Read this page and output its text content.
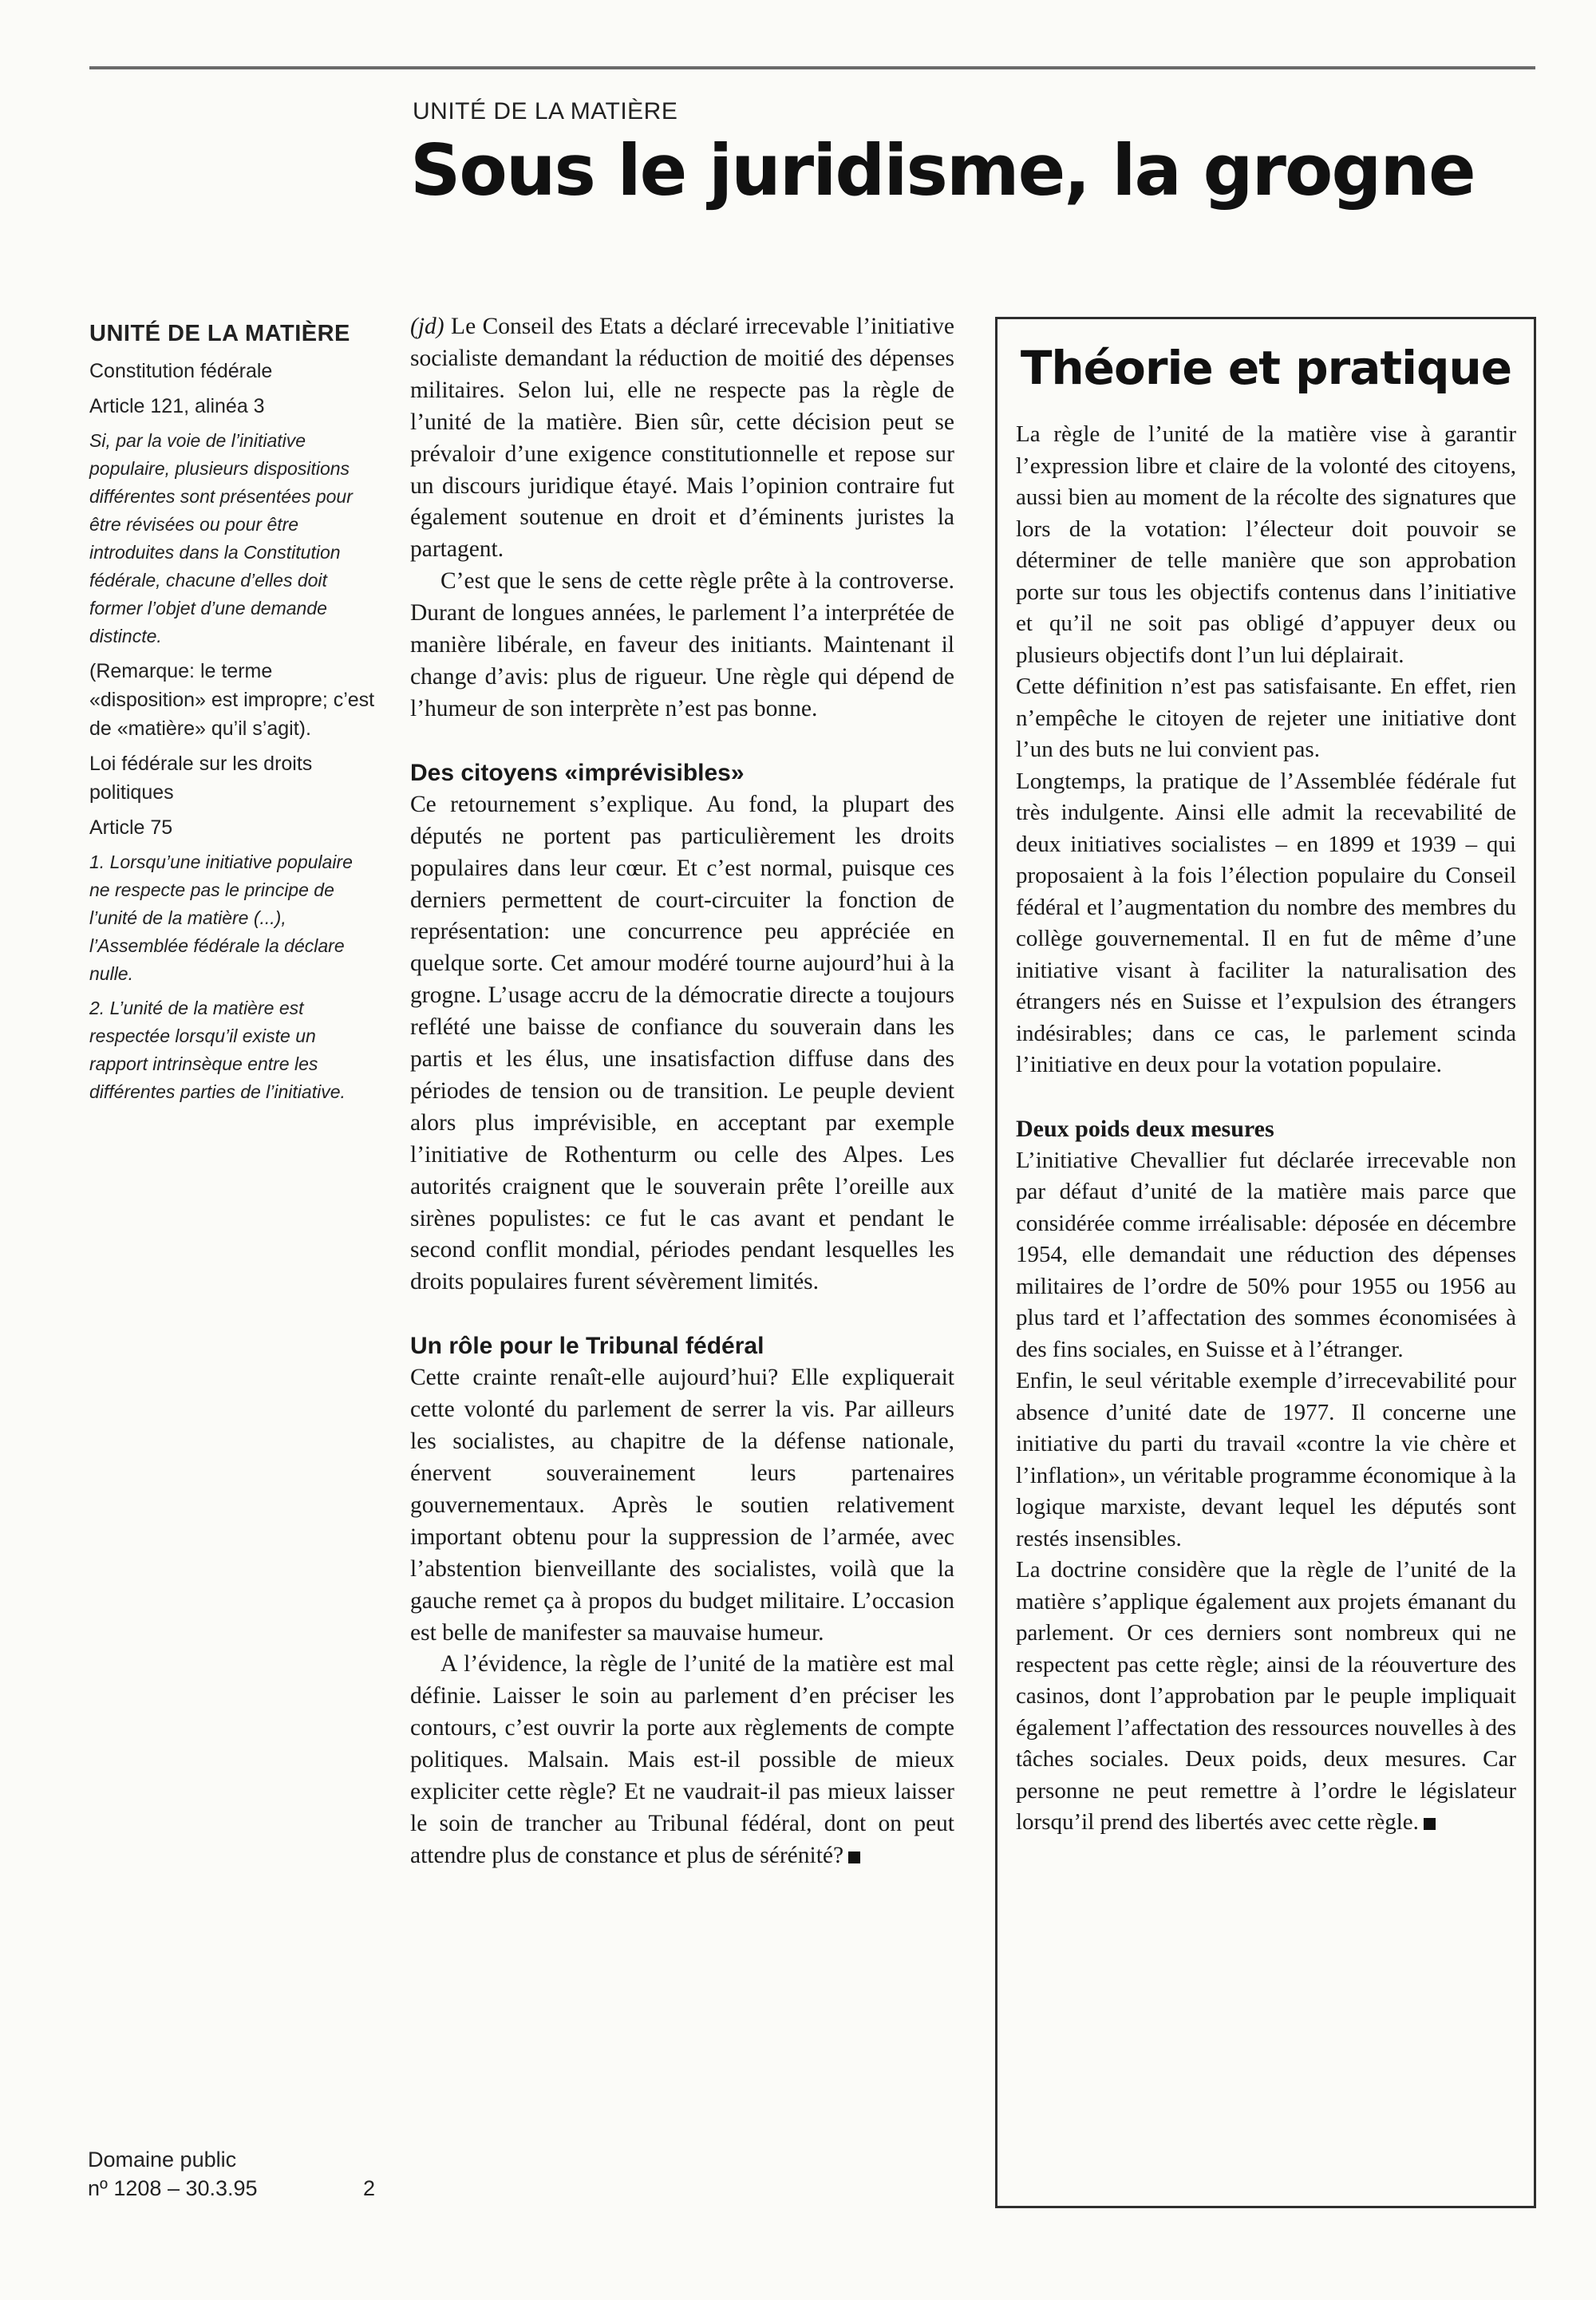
UNITÉ DE LA MATIÈRE
Sous le juridisme, la grogne
UNITÉ DE LA MATIÈRE
Constitution fédérale
Article 121, alinéa 3
Si, par la voie de l’initiative populaire, plusieurs dispositions différentes sont présentées pour être révisées ou pour être introduites dans la Constitution fédérale, chacune d’elles doit former l’objet d’une demande distincte.
(Remarque: le terme «disposition» est impropre; c’est de «matière» qu’il s’agit).
Loi fédérale sur les droits politiques
Article 75
1. Lorsqu’une initiative populaire ne respecte pas le principe de l’unité de la matière (...), l’Assemblée fédérale la déclare nulle.
2. L’unité de la matière est respectée lorsqu’il existe un rapport intrinsèque entre les différentes parties de l’initiative.
Domaine public
nº 1208 – 30.3.95	2

(jd) Le Conseil des Etats a déclaré irrecevable l’initiative socialiste demandant la réduction de moitié des dépenses militaires. Selon lui, elle ne respecte pas la règle de l’unité de la matière. Bien sûr, cette décision peut se prévaloir d’une exigence constitutionnelle et repose sur un discours juridique étayé. Mais l’opinion contraire fut également soutenue en droit et d’éminents juristes la partagent.

C’est que le sens de cette règle prête à la controverse. Durant de longues années, le parlement l’a interprétée de manière libérale, en faveur des initiants. Maintenant il change d’avis: plus de rigueur. Une règle qui dépend de l’humeur de son interprète n’est pas bonne.

Des citoyens «imprévisibles»

Ce retournement s’explique. Au fond, la plupart des députés ne portent pas particulièrement les droits populaires dans leur cœur. Et c’est normal, puisque ces derniers permettent de court-circuiter la fonction de représentation: une concurrence peu appréciée en quelque sorte. Cet amour modéré tourne aujourd’hui à la grogne. L’usage accru de la démocratie directe a toujours reflété une baisse de confiance du souverain dans les partis et les élus, une insatisfaction diffuse dans des périodes de tension ou de transition. Le peuple devient alors plus imprévisible, en acceptant par exemple l’initiative de Rothenturm ou celle des Alpes. Les autorités craignent que le souverain prête l’oreille aux sirènes populistes: ce fut le cas avant et pendant le second conflit mondial, périodes pendant lesquelles les droits populaires furent sévèrement limités.

Un rôle pour le Tribunal fédéral

Cette crainte renaît-elle aujourd’hui? Elle expliquerait cette volonté du parlement de serrer la vis. Par ailleurs les socialistes, au chapitre de la défense nationale, énervent souverainement leurs partenaires gouvernementaux. Après le soutien relativement important obtenu pour la suppression de l’armée, avec l’abstention bienveillante des socialistes, voilà que la gauche remet ça à propos du budget militaire. L’occasion est belle de manifester sa mauvaise humeur.

A l’évidence, la règle de l’unité de la matière est mal définie. Laisser le soin au parlement d’en préciser les contours, c’est ouvrir la porte aux règlements de compte politiques. Malsain. Mais est-il possible de mieux expliciter cette règle? Et ne vaudrait-il pas mieux laisser le soin de trancher au Tribunal fédéral, dont on peut attendre plus de constance et plus de sérénité?

Théorie et pratique

La règle de l’unité de la matière vise à garantir l’expression libre et claire de la volonté des citoyens, aussi bien au moment de la récolte des signatures que lors de la votation: l’électeur doit pouvoir se déterminer de telle manière que son approbation porte sur tous les objectifs contenus dans l’initiative et qu’il ne soit pas obligé d’appuyer deux ou plusieurs objectifs dont l’un lui déplairait.

Cette définition n’est pas satisfaisante. En effet, rien n’empêche le citoyen de rejeter une initiative dont l’un des buts ne lui convient pas.

Longtemps, la pratique de l’Assemblée fédérale fut très indulgente. Ainsi elle admit la recevabilité de deux initiatives socialistes – en 1899 et 1939 – qui proposaient à la fois l’élection populaire du Conseil fédéral et l’augmentation du nombre des membres du collège gouvernemental. Il en fut de même d’une initiative visant à faciliter la naturalisation des étrangers nés en Suisse et l’expulsion des étrangers indésirables; dans ce cas, le parlement scinda l’initiative en deux pour la votation populaire.

Deux poids deux mesures

L’initiative Chevallier fut déclarée irrecevable non par défaut d’unité de la matière mais parce que considérée comme irréalisable: déposée en décembre 1954, elle demandait une réduction des dépenses militaires de l’ordre de 50% pour 1955 ou 1956 au plus tard et l’affectation des sommes économisées à des fins sociales, en Suisse et à l’étranger.

Enfin, le seul véritable exemple d’irrecevabilité pour absence d’unité date de 1977. Il concerne une initiative du parti du travail «contre la vie chère et l’inflation», un véritable programme économique à la logique marxiste, devant lequel les députés sont restés insensibles.

La doctrine considère que la règle de l’unité de la matière s’applique également aux projets émanant du parlement. Or ces derniers sont nombreux qui ne respectent pas cette règle; ainsi de la réouverture des casinos, dont l’approbation par le peuple impliquait également l’affectation des ressources nouvelles à des tâches sociales. Deux poids, deux mesures. Car personne ne peut remettre à l’ordre le législateur lorsqu’il prend des libertés avec cette règle.
